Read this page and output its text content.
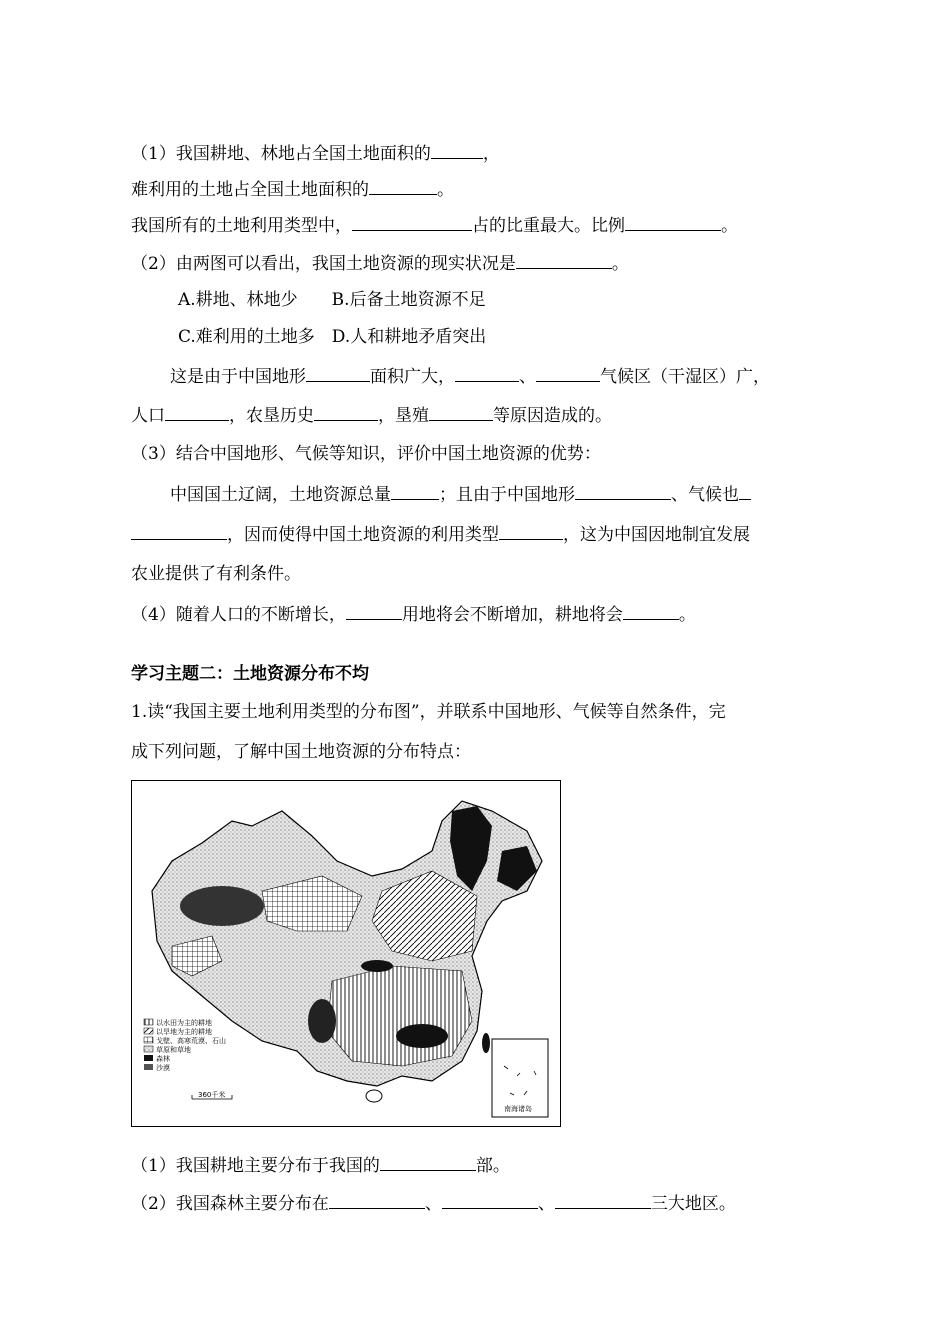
（1）我国耕地、林地占全国土地面积的	，
难利用的土地占全国土地面积的	。
我国所有的土地利用类型中，	占的比重最大。比例	。
（2）由两图可以看出，我国土地资源的现实状况是	。
A.耕地、林地少　　B.后备土地资源不足
C.难利用的土地多　D.人和耕地矛盾突出
这是由于中国地形	面积广大，	、	气候区（干湿区）广，
人口	，农垦历史	，垦殖	等原因造成的。
（3）结合中国地形、气候等知识，评价中国土地资源的优势：
中国国土辽阔，土地资源总量	；且由于中国地形	、气候也
，因而使得中国土地资源的利用类型	，这为中国因地制宜发展
农业提供了有利条件。
（4）随着人口的不断增长，	用地将会不断增加，耕地将会	。
学习主题二：土地资源分布不均
1.读“我国主要土地利用类型的分布图”，并联系中国地形、气候等自然条件，完
成下列问题，了解中国土地资源的分布特点：
南海诸岛
以水田为主的耕地
以旱地为主的耕地
戈壁、高寒荒漠、石山
草原和草地
森林
沙漠
360千米
（1）我国耕地主要分布于我国的	部。
（2）我国森林主要分布在	、	、	三大地区。
